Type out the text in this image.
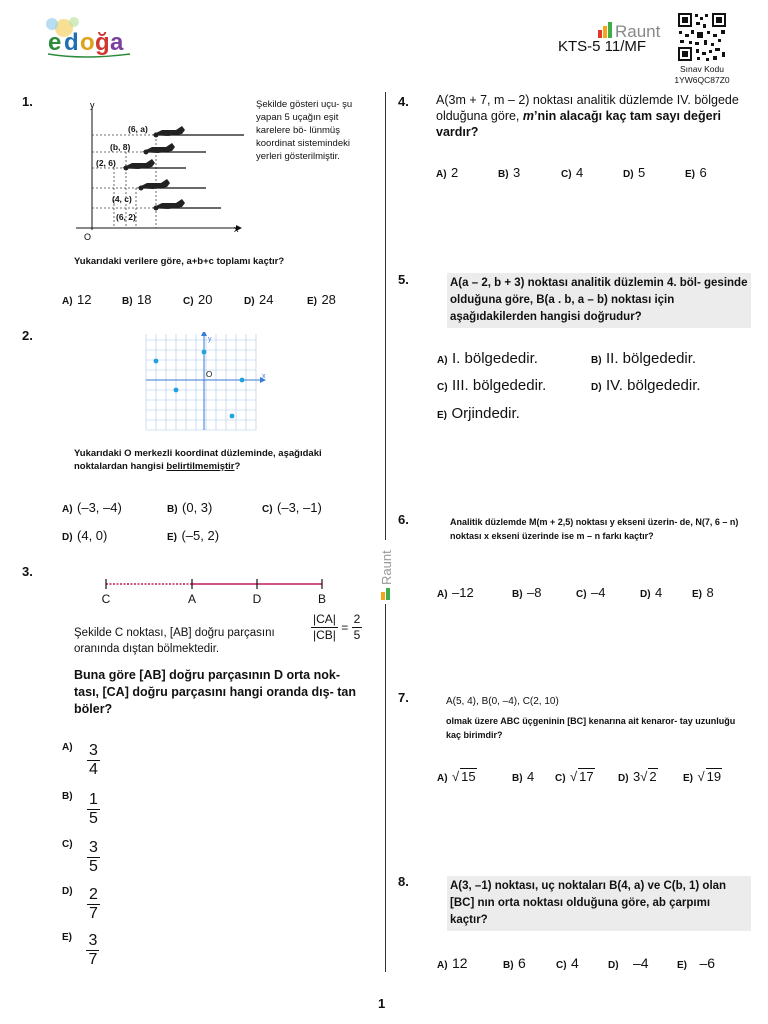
e d o ğ a	Raunt
KTS-5 11/MF
Sınav Kodu
1YW6QC87Z0
Raunt
1.	y
x
O
(6, a)
(b, 8)
(2, 6)
(4, c)
(6, 2)
Şekilde gösteri uçu- şu yapan 5 uçağın eşit karelere bö- lünmüş koordinat sistemindeki yerleri gösterilmiştir.
Yukarıdaki verilere göre, a+b+c toplamı kaçtır?
A) 12	B) 18	C) 20	D) 24	E) 28
2.	y
x
O
Yukarıdaki O merkezli koordinat düzleminde, aşağıdaki noktalardan hangisi belirtilmemiştir?
A) (–3, –4)	B) (0, 3)	C) (–3, –1)
D) (4, 0)	E) (–5, 2)
3.
C	A	D	B
Şekilde C noktası, [AB] doğru parçasını	$\frac{|CA|}{|CB|} = \frac{2}{5}$
oranında dıştan bölmektedir.
Buna göre [AB] doğru parçasının D orta nok- tası, [CA] doğru parçasını hangi oranda dış- tan böler?
$^{A)} \frac{3}{4}$
$^{B)} \frac{1}{5}$
$^{C)} \frac{3}{5}$
$^{D)} \frac{2}{7}$
$^{E)} \frac{3}{7}$
4. A(3m + 7, m – 2) noktası analitik düzlemde IV. bölgede olduğuna göre, m’nin alacağı kaç tam sayı değeri vardır?
A) 2	B) 3	C) 4	D) 5	E) 6
5.	A(a – 2, b + 3) noktası analitik düzlemin 4. böl- gesinde olduğuna göre, B(a . b, a – b) noktası için aşağıdakilerden hangisi doğrudur?
A) I. bölgededir.	B) II. bölgededir.
C) III. bölgededir.	D) IV. bölgededir.
E) Orjindedir.
6.	Analitik düzlemde M(m + 2,5) noktası y ekseni üzerin- de, N(7, 6 – n) noktası x ekseni üzerinde ise m – n farkı kaçtır?
A) –12	B) –8	C) –4	D) 4	E) 8
7.	A(5, 4), B(0, –4), C(2, 10)
olmak üzere ABC üçgeninin [BC] kenarına ait kenaror- tay uzunluğu kaç birimdir?
A) √ 15	B) 4 C) √ 17 D) 3√ 2	E) √ 19
8.	A(3, –1) noktası, uç noktaları B(4, a) ve C(b, 1) olan [BC] nın orta noktası olduğuna göre, ab çarpımı kaçtır?
A) 12	B) 6	C) 4	D) –4	E) –6
1
